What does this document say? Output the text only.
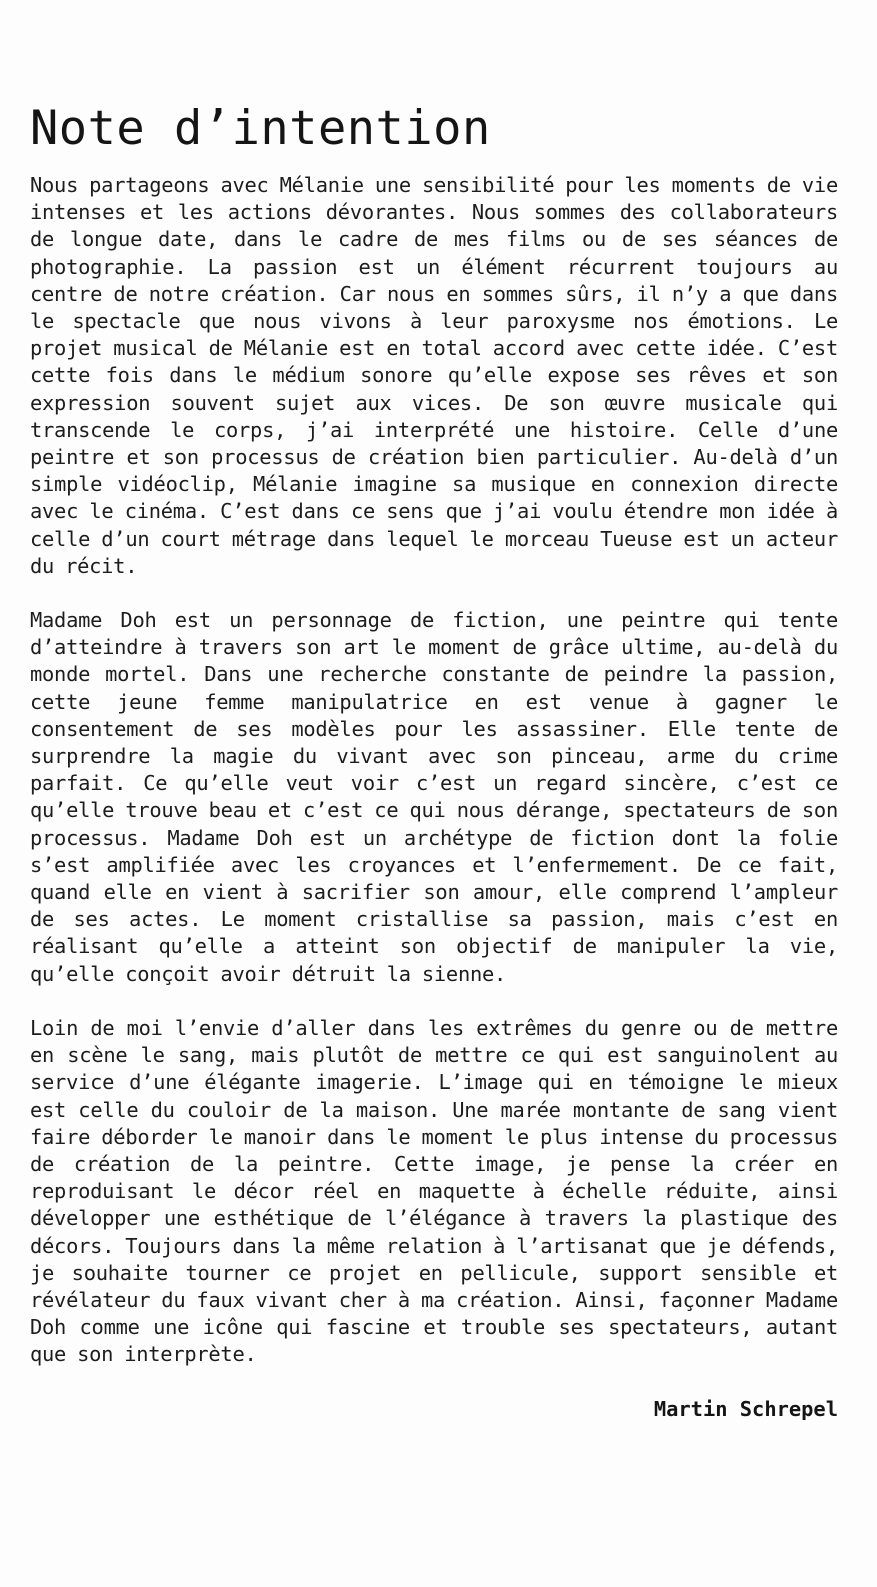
Note d’intention

Nous partageons avec Mélanie une sensibilité pour les moments de vie intenses et les actions dévorantes. Nous sommes des collaborateurs de longue date, dans le cadre de mes films ou de ses séances de photographie. La passion est un élément récurrent toujours au centre de notre création. Car nous en sommes sûrs, il n’y a que dans le spectacle que nous vivons à leur paroxysme nos émotions. Le projet musical de Mélanie est en total accord avec cette idée. C’est cette fois dans le médium sonore qu’elle expose ses rêves et son expression souvent sujet aux vices. De son œuvre musicale qui transcende le corps, j’ai interprété une histoire. Celle d’une peintre et son processus de création bien particulier. Au-delà d’un simple vidéoclip, Mélanie imagine sa musique en connexion directe avec le cinéma. C’est dans ce sens que j’ai voulu étendre mon idée à celle d’un court métrage dans lequel le morceau Tueuse est un acteur du récit.

Madame Doh est un personnage de fiction, une peintre qui tente d’atteindre à travers son art le moment de grâce ultime, au-delà du monde mortel. Dans une recherche constante de peindre la passion, cette jeune femme manipulatrice en est venue à gagner le consentement de ses modèles pour les assassiner. Elle tente de surprendre la magie du vivant avec son pinceau, arme du crime parfait. Ce qu’elle veut voir c’est un regard sincère, c’est ce qu’elle trouve beau et c’est ce qui nous dérange, spectateurs de son processus. Madame Doh est un archétype de fiction dont la folie s’est amplifiée avec les croyances et l’enfermement. De ce fait, quand elle en vient à sacrifier son amour, elle comprend l’ampleur de ses actes. Le moment cristallise sa passion, mais c’est en réalisant qu’elle a atteint son objectif de manipuler la vie, qu’elle conçoit avoir détruit la sienne.

Loin de moi l’envie d’aller dans les extrêmes du genre ou de mettre en scène le sang, mais plutôt de mettre ce qui est sanguinolent au service d’une élégante imagerie. L’image qui en témoigne le mieux est celle du couloir de la maison. Une marée montante de sang vient faire déborder le manoir dans le moment le plus intense du processus de création de la peintre. Cette image, je pense la créer en reproduisant le décor réel en maquette à échelle réduite, ainsi développer une esthétique de l’élégance à travers la plastique des décors. Toujours dans la même relation à l’artisanat que je défends, je souhaite tourner ce projet en pellicule, support sensible et révélateur du faux vivant cher à ma création. Ainsi, façonner Madame Doh comme une icône qui fascine et trouble ses spectateurs, autant que son interprète.

Martin Schrepel
